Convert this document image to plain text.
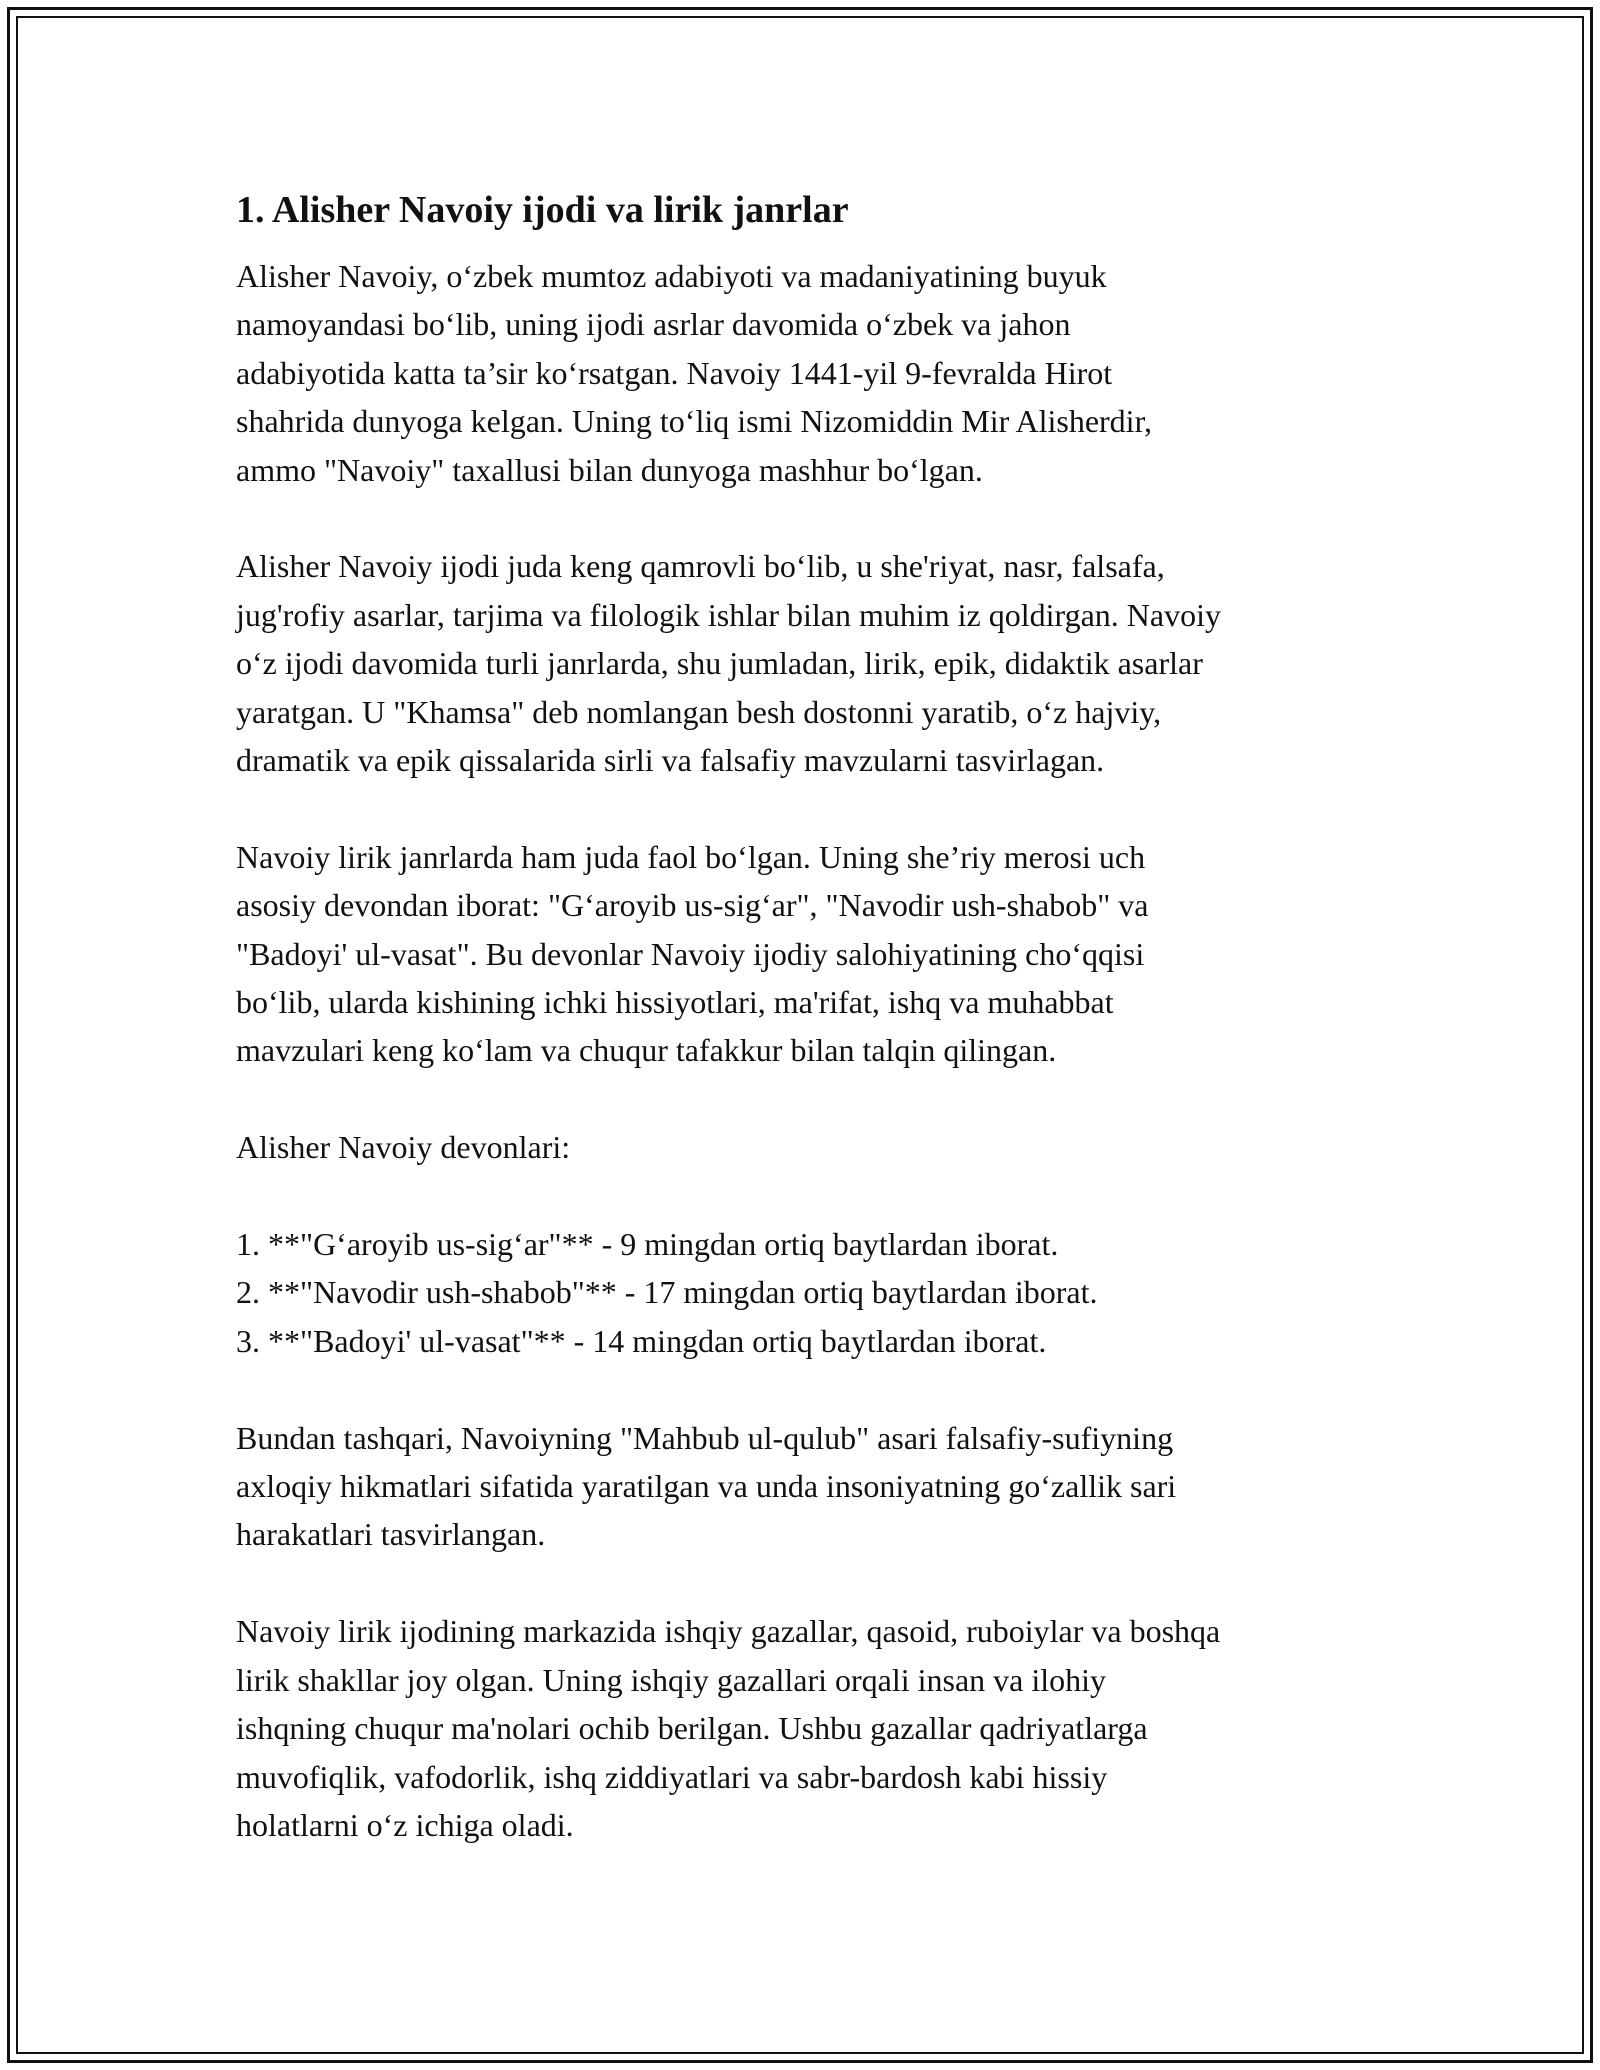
1. Alisher Navoiy ijodi va lirik janrlar

Alisher Navoiy, o‘zbek mumtoz adabiyoti va madaniyatining buyuk
namoyandasi bo‘lib, uning ijodi asrlar davomida o‘zbek va jahon
adabiyotida katta ta’sir ko‘rsatgan. Navoiy 1441-yil 9-fevralda Hirot
shahrida dunyoga kelgan. Uning to‘liq ismi Nizomiddin Mir Alisherdir,
ammo "Navoiy" taxallusi bilan dunyoga mashhur bo‘lgan.

Alisher Navoiy ijodi juda keng qamrovli bo‘lib, u she'riyat, nasr, falsafa,
jug'rofiy asarlar, tarjima va filologik ishlar bilan muhim iz qoldirgan. Navoiy
o‘z ijodi davomida turli janrlarda, shu jumladan, lirik, epik, didaktik asarlar
yaratgan. U "Khamsa" deb nomlangan besh dostonni yaratib, o‘z hajviy,
dramatik va epik qissalarida sirli va falsafiy mavzularni tasvirlagan.

Navoiy lirik janrlarda ham juda faol bo‘lgan. Uning she’riy merosi uch
asosiy devondan iborat: "G‘aroyib us-sig‘ar", "Navodir ush-shabob" va
"Badoyi' ul-vasat". Bu devonlar Navoiy ijodiy salohiyatining cho‘qqisi
bo‘lib, ularda kishining ichki hissiyotlari, ma'rifat, ishq va muhabbat
mavzulari keng ko‘lam va chuqur tafakkur bilan talqin qilingan.

Alisher Navoiy devonlari:

1. **"G‘aroyib us-sig‘ar"** - 9 mingdan ortiq baytlardan iborat.
2. **"Navodir ush-shabob"** - 17 mingdan ortiq baytlardan iborat.
3. **"Badoyi' ul-vasat"** - 14 mingdan ortiq baytlardan iborat.

Bundan tashqari, Navoiyning "Mahbub ul-qulub" asari falsafiy-sufiyning
axloqiy hikmatlari sifatida yaratilgan va unda insoniyatning go‘zallik sari
harakatlari tasvirlangan.

Navoiy lirik ijodining markazida ishqiy gazallar, qasoid, ruboiylar va boshqa
lirik shakllar joy olgan. Uning ishqiy gazallari orqali insan va ilohiy
ishqning chuqur ma'nolari ochib berilgan. Ushbu gazallar qadriyatlarga
muvofiqlik, vafodorlik, ishq ziddiyatlari va sabr-bardosh kabi hissiy
holatlarni o‘z ichiga oladi.
